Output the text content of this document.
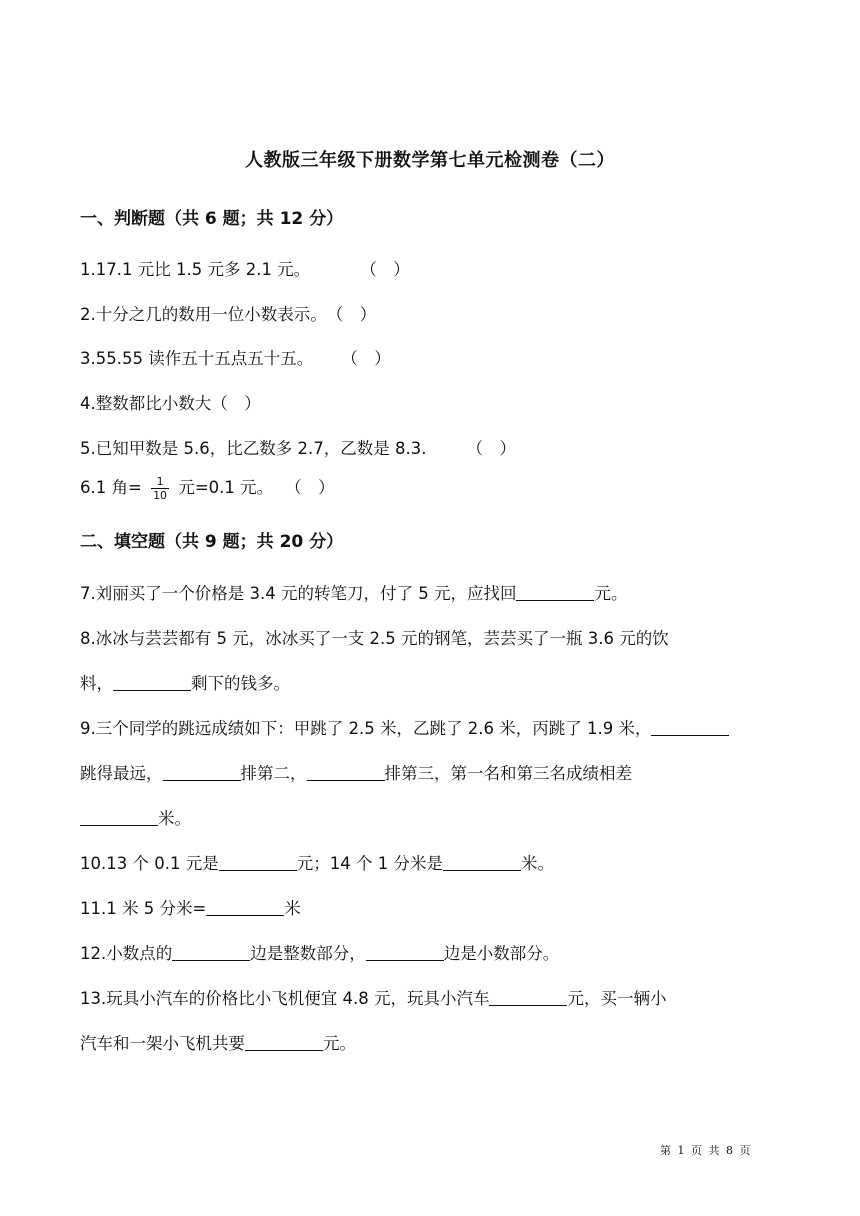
人教版三年级下册数学第七单元检测卷（二）
一、判断题（共 6 题；共 12 分）
1.17.1 元比 1.5 元多 2.1 元。	（　）
2.十分之几的数用一位小数表示。（　）
3.55.55 读作五十五点五十五。 （　）
4.整数都比小数大（　）
5.已知甲数是 5.6，比乙数多 2.7，乙数是 8.3. （　）
6.1 角= $\frac{1}{10}$ 元=0.1 元。 （　）
二、填空题（共 9 题；共 20 分）
7.刘丽买了一个价格是 3.4 元的转笔刀，付了 5 元，应找回	元。
8.冰冰与芸芸都有 5 元，冰冰买了一支 2.5 元的钢笔，芸芸买了一瓶 3.6 元的饮
料，	剩下的钱多。
9.三个同学的跳远成绩如下：甲跳了 2.5 米，乙跳了 2.6 米，丙跳了 1.9 米，
跳得最远，	排第二，	排第三，第一名和第三名成绩相差
米。
10.13 个 0.1 元是	元；14 个 1 分米是	米。
11.1 米 5 分米=	米
12.小数点的	边是整数部分，	边是小数部分。
13.玩具小汽车的价格比小飞机便宜 4.8 元，玩具小汽车	元，买一辆小
汽车和一架小飞机共要	元。
第 1 页 共 8 页
